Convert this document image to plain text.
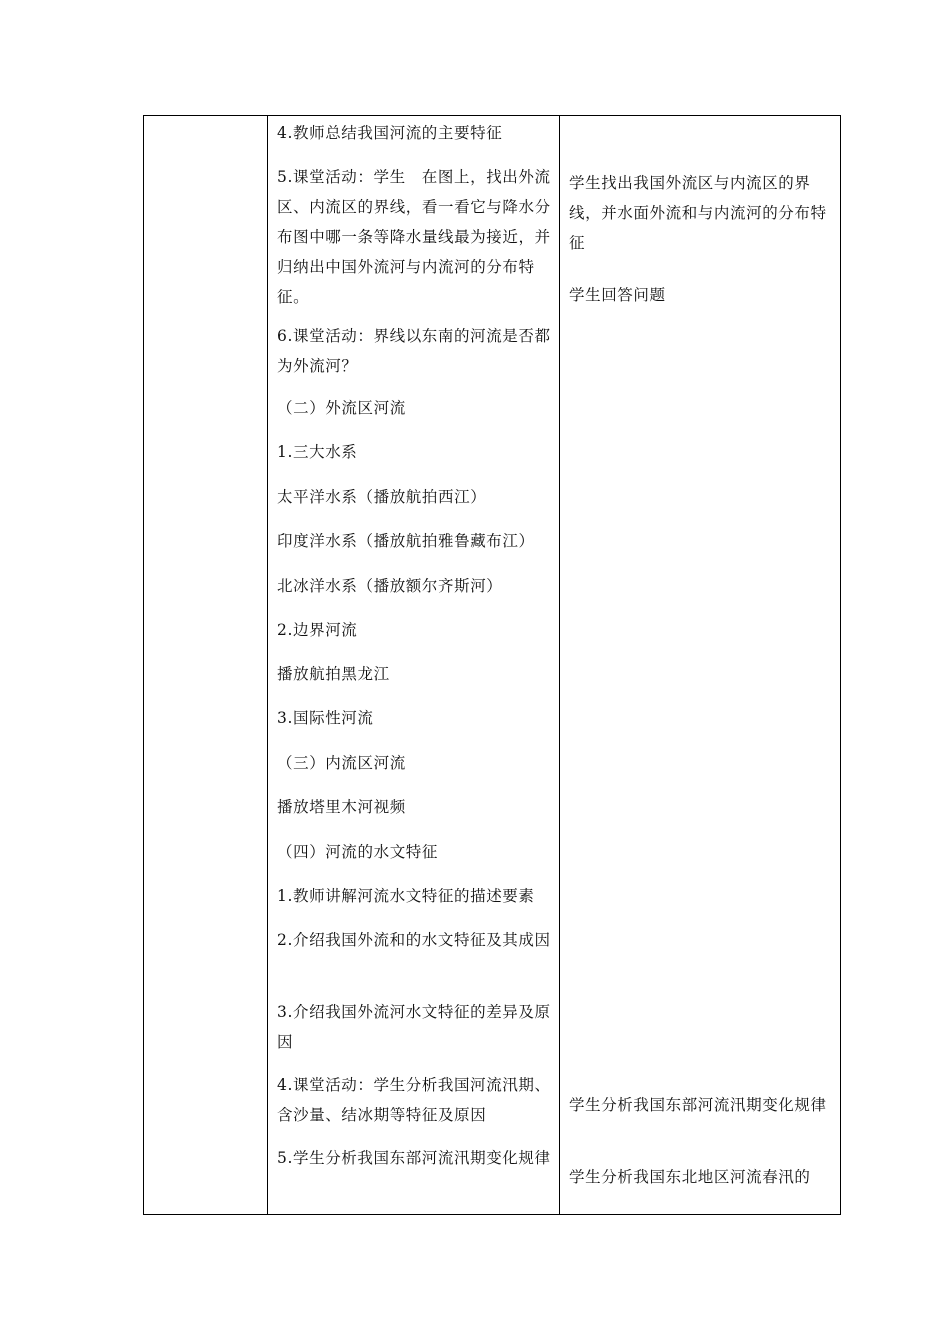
4.教师总结我国河流的主要特征

5.课堂活动：学生　在图上，找出外流区、内流区的界线，看一看它与降水分布图中哪一条等降水量线最为接近，并归纳出中国外流河与内流河的分布特征。

6.课堂活动：界线以东南的河流是否都为外流河？

（二）外流区河流

1.三大水系

太平洋水系（播放航拍西江）

印度洋水系（播放航拍雅鲁藏布江）

北冰洋水系（播放额尔齐斯河）

2.边界河流

播放航拍黑龙江

3.国际性河流

（三）内流区河流

播放塔里木河视频

（四）河流的水文特征

1.教师讲解河流水文特征的描述要素

2.介绍我国外流和的水文特征及其成因

3.介绍我国外流河水文特征的差异及原因

4.课堂活动：学生分析我国河流汛期、含沙量、结冰期等特征及原因

5.学生分析我国东部河流汛期变化规律

学生找出我国外流区与内流区的界线，并水面外流和与内流河的分布特征

学生回答问题

学生分析我国东部河流汛期变化规律

学生分析我国东北地区河流春汛的
